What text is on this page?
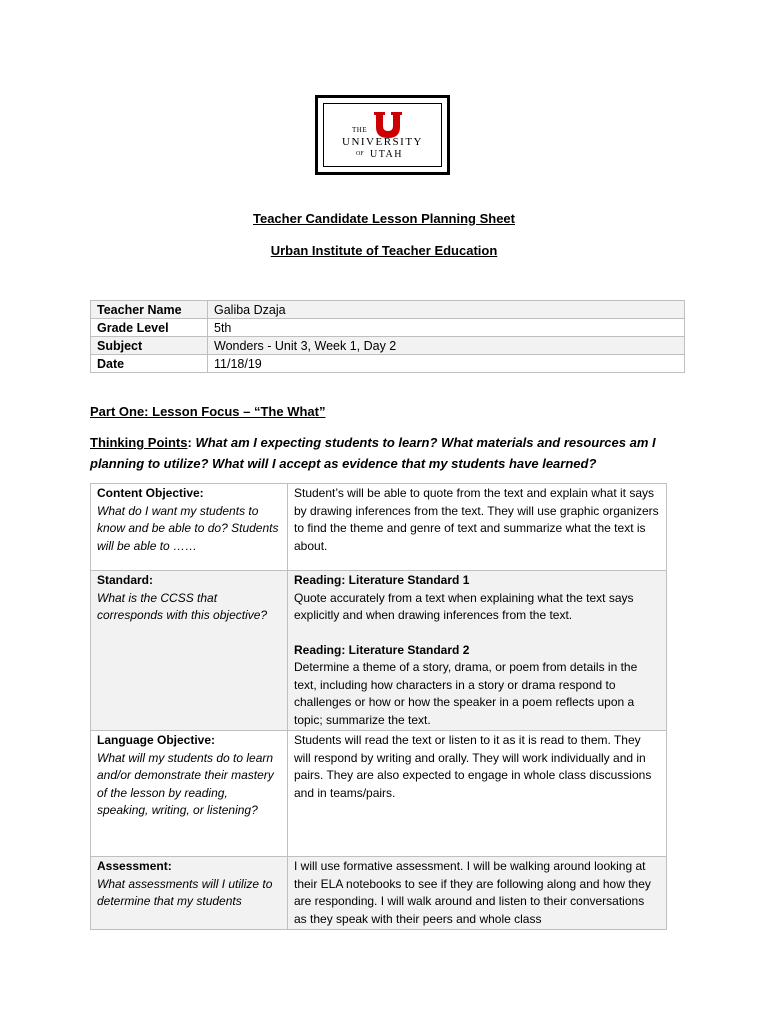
THE
UNIVERSITY
OF UTAH
Teacher Candidate Lesson Planning Sheet
Urban Institute of Teacher Education
Teacher Name	Galiba Dzaja
Grade Level	5th
Subject	Wonders - Unit 3, Week 1, Day 2
Date	11/18/19
Part One: Lesson Focus – “The What”
Thinking Points: What am I expecting students to learn? What materials and resources am I planning to utilize? What will I accept as evidence that my students have learned?
Content Objective:
What do I want my students to know and be able to do? Students will be able to ……	Student’s will be able to quote from the text and explain what it says by drawing inferences from the text. They will use graphic organizers to find the theme and genre of text and summarize what the text is about.

Standard:
What is the CCSS that corresponds with this objective?	Reading: Literature Standard 1
Quote accurately from a text when explaining what the text says explicitly and when drawing inferences from the text.
Reading: Literature Standard 2
Determine a theme of a story, drama, or poem from details in the text, including how characters in a story or drama respond to challenges or how or how the speaker in a poem reflects upon a topic; summarize the text.

Language Objective:
What will my students do to learn and/or demonstrate their mastery of the lesson by reading, speaking, writing, or listening?	Students will read the text or listen to it as it is read to them. They will respond by writing and orally. They will work individually and in pairs. They are also expected to engage in whole class discussions and in teams/pairs.

Assessment:
What assessments will I utilize to determine that my students	I will use formative assessment. I will be walking around looking at their ELA notebooks to see if they are following along and how they are responding. I will walk around and listen to their conversations as they speak with their peers and whole class
